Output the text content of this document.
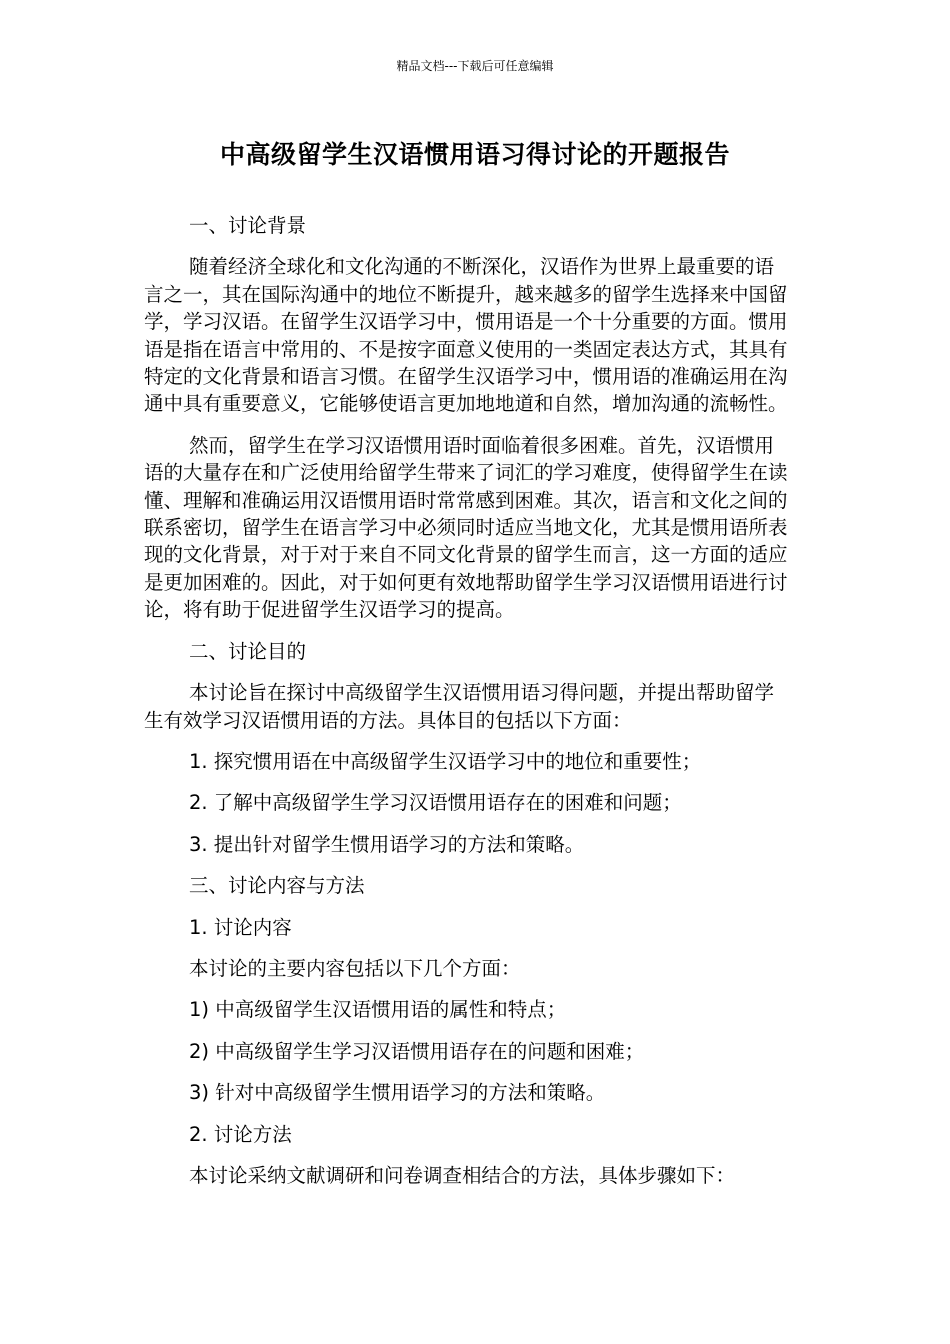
精品文档---下载后可任意编辑
中高级留学生汉语惯用语习得讨论的开题报告

一、讨论背景

随着经济全球化和文化沟通的不断深化，汉语作为世界上最重要的语言之一，其在国际沟通中的地位不断提升，越来越多的留学生选择来中国留学，学习汉语。在留学生汉语学习中，惯用语是一个十分重要的方面。惯用语是指在语言中常用的、不是按字面意义使用的一类固定表达方式，其具有特定的文化背景和语言习惯。在留学生汉语学习中，惯用语的准确运用在沟通中具有重要意义，它能够使语言更加地地道和自然，增加沟通的流畅性。

然而，留学生在学习汉语惯用语时面临着很多困难。首先，汉语惯用语的大量存在和广泛使用给留学生带来了词汇的学习难度，使得留学生在读懂、理解和准确运用汉语惯用语时常常感到困难。其次，语言和文化之间的联系密切，留学生在语言学习中必须同时适应当地文化，尤其是惯用语所表现的文化背景，对于对于来自不同文化背景的留学生而言，这一方面的适应是更加困难的。因此，对于如何更有效地帮助留学生学习汉语惯用语进行讨论，将有助于促进留学生汉语学习的提高。

二、讨论目的

本讨论旨在探讨中高级留学生汉语惯用语习得问题，并提出帮助留学生有效学习汉语惯用语的方法。具体目的包括以下方面：

1. 探究惯用语在中高级留学生汉语学习中的地位和重要性；

2. 了解中高级留学生学习汉语惯用语存在的困难和问题；

3. 提出针对留学生惯用语学习的方法和策略。

三、讨论内容与方法

1. 讨论内容

本讨论的主要内容包括以下几个方面：

1) 中高级留学生汉语惯用语的属性和特点；

2) 中高级留学生学习汉语惯用语存在的问题和困难；

3) 针对中高级留学生惯用语学习的方法和策略。

2. 讨论方法

本讨论采纳文献调研和问卷调查相结合的方法，具体步骤如下：
